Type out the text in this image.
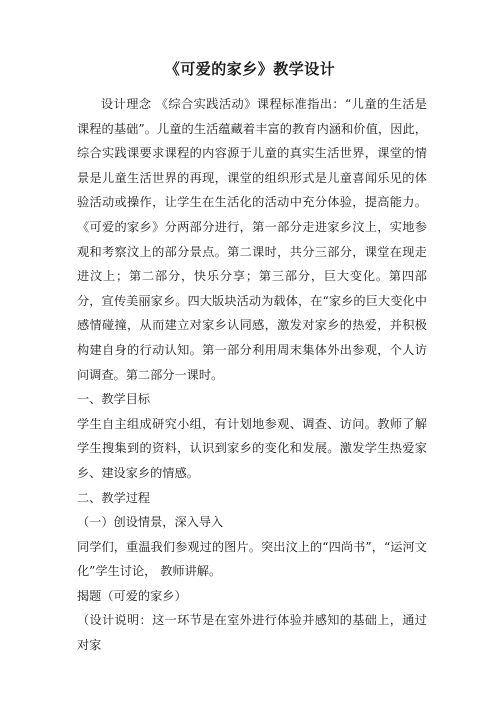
《可爱的家乡》教学设计

设计理念 《综合实践活动》课程标准指出：“儿童的生活是课程的基础”。儿童的生活蕴藏着丰富的教育内涵和价值，因此，综合实践课要求课程的内容源于儿童的真实生活世界，课堂的情景是儿童生活世界的再现，课堂的组织形式是儿童喜闻乐见的体验活动或操作，让学生在生活化的活动中充分体验，提高能力。《可爱的家乡》分两部分进行，第一部分走进家乡汶上，实地参观和考察汶上的部分景点。第二课时，共分三部分，课堂在现走进汶上；第二部分，快乐分享；第三部分，巨大变化。第四部分，宣传美丽家乡。四大版块活动为载体，在“家乡的巨大变化中感情碰撞，从而建立对家乡认同感，激发对家乡的热爱，并积极构建自身的行动认知。第一部分利用周末集体外出参观，个人访问调查。第二部分一课时。

一、教学目标

学生自主组成研究小组，有计划地参观、调查、访问。教师了解学生搜集到的资料，认识到家乡的变化和发展。激发学生热爱家乡、建设家乡的情感。

二、教学过程

（一）创设情景，深入导入

同学们，重温我们参观过的图片。突出汶上的“四尚书”，“运河文化”学生讨论， 教师讲解。

揭题（可爱的家乡）

（设计说明：这一环节是在室外进行体验并感知的基础上，通过对家
